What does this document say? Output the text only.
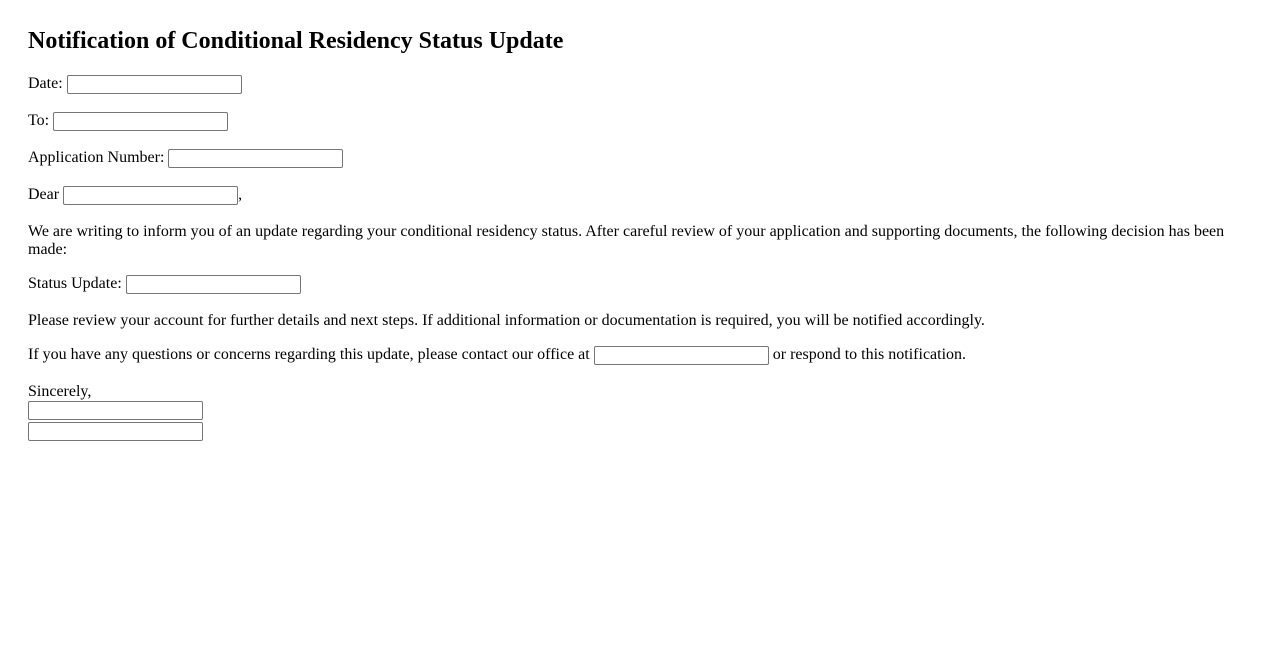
Notification of Conditional Residency Status Update
Date:
To:
Application Number:
Dear	,
We are writing to inform you of an update regarding your conditional residency status. After careful review of your application and supporting documents, the following decision has been made:
Status Update:
Please review your account for further details and next steps. If additional information or documentation is required, you will be notified accordingly.
If you have any questions or concerns regarding this update, please contact our office at	or respond to this notification.
Sincerely,
